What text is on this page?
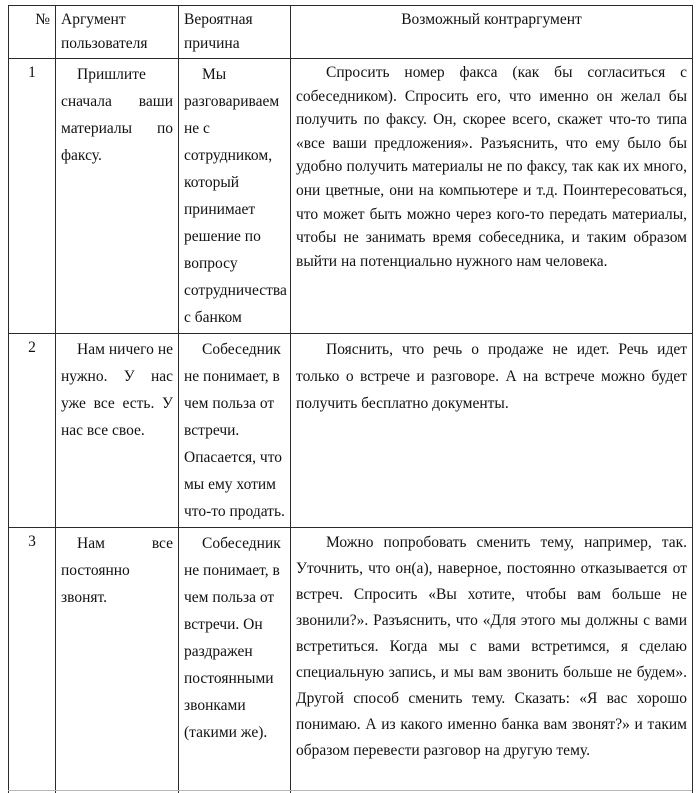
№	Аргумент пользователя	Вероятная причина	Возможный контраргумент
1	Пришлите сначала ваши материалы по факсу.	Мы разговариваем не с сотрудником, который принимает решение по вопросу сотрудничества с банком	Спросить номер факса (как бы согласиться с собеседником). Спросить его, что именно он желал бы получить по факсу. Он, скорее всего, скажет что-то типа «все ваши предложения». Разъяснить, что ему было бы удобно получить материалы не по факсу, так как их много, они цветные, они на компьютере и т.д. Поинтересоваться, что может быть можно через кого-то передать материалы, чтобы не занимать время собеседника, и таким образом выйти на потенциально нужного нам человека.
2	Нам ничего не нужно. У нас уже все есть. У нас все свое.	Собеседник не понимает, в чем польза от встречи. Опасается, что мы ему хотим что-то продать.	Пояснить, что речь о продаже не идет. Речь идет только о встрече и разговоре. А на встрече можно будет получить бесплатно документы.
3	Нам все постоянно звонят.	Собеседник не понимает, в чем польза от встречи. Он раздражен постоянными звонками (такими же).	Можно попробовать сменить тему, например, так. Уточнить, что он(а), наверное, постоянно отказывается от встреч. Спросить «Вы хотите, чтобы вам больше не звонили?». Разъяснить, что «Для этого мы должны с вами встретиться. Когда мы с вами встретимся, я сделаю специальную запись, и мы вам звонить больше не будем». Другой способ сменить тему. Сказать: «Я вас хорошо понимаю. А из какого именно банка вам звонят?» и таким образом перевести разговор на другую тему.
